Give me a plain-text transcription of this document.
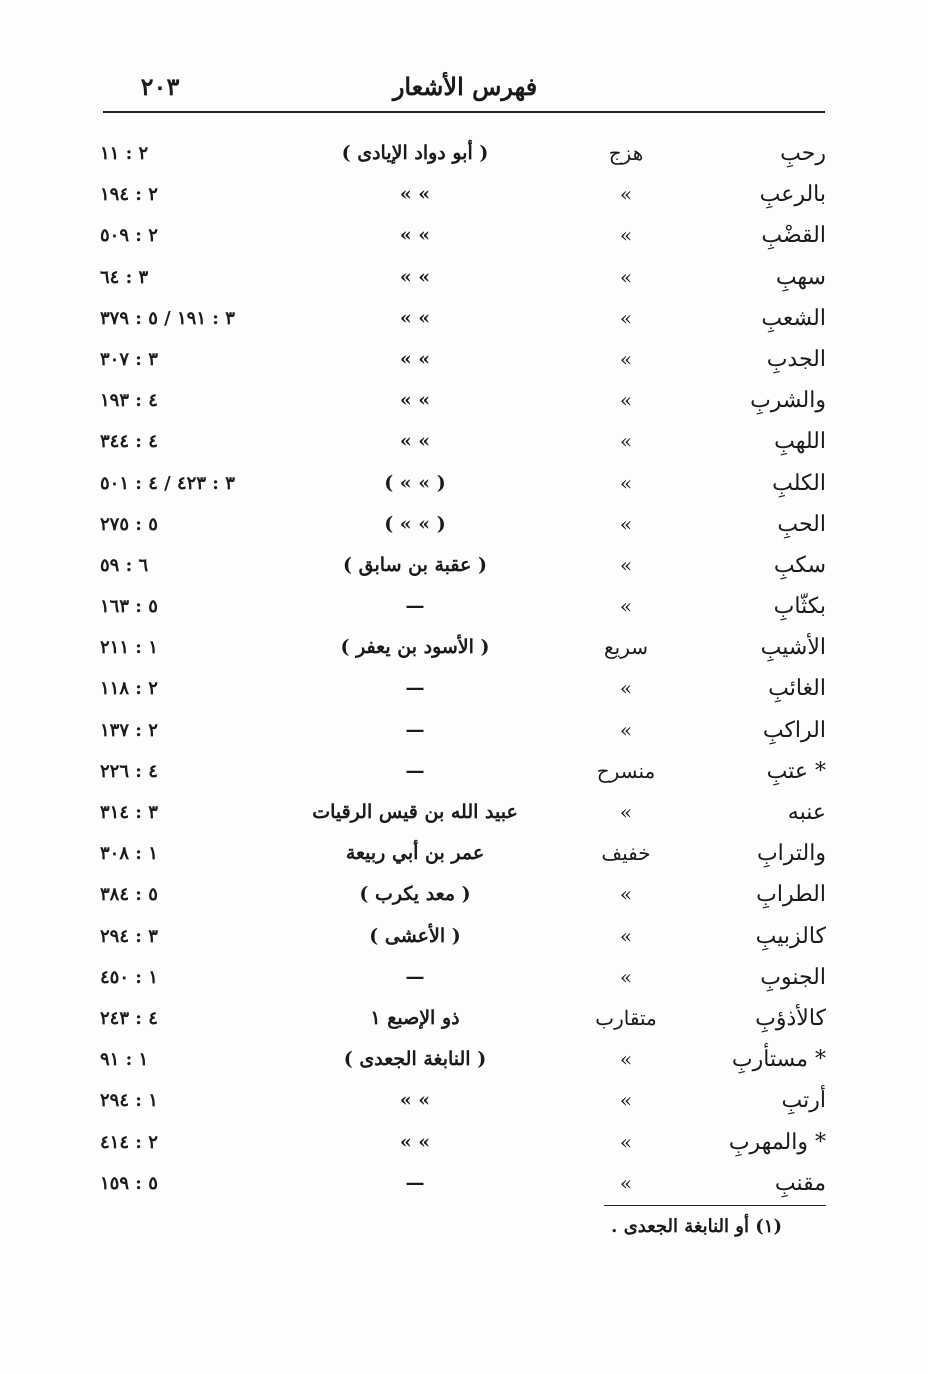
٢٠٣	فهرس الأشعار
رحبِ
هزج
( أبو دواد الإيادى )
٢ : ١١
بالرعبِ
»
» »
٢ : ١٩٤
القضْبِ
»
» »
٢ : ٥٠٩
سهبِ
»
» »
٣ : ٦٤
الشعبِ
»
» »
٣ : ١٩١ / ٥ : ٣٧٩
الجدبِ
»
» »
٣ : ٣٠٧
والشربِ
»
» »
٤ : ١٩٣
اللهبِ
»
» »
٤ : ٣٤٤
الكلبِ
»
( » » )
٣ : ٤٢٣ / ٤ : ٥٠١
الحبِ
»
( » » )
٥ : ٢٧٥
سكبِ
»
( عقبة بن سابق )
٦ : ٥٩
بكثّابِ
»
—
٥ : ١٦٣
الأشيبِ
سريع
( الأسود بن يعفر )
١ : ٢١١
الغائبِ
»
—
٢ : ١١٨
الراكبِ
»
—
٢ : ١٣٧
* عتبِ
منسرح
—
٤ : ٢٢٦
عنبه
»
عبيد الله بن قيس الرقيات
٣ : ٣١٤
والترابِ
خفيف
عمر بن أبي ربيعة
١ : ٣٠٨
الطرابِ
»
( معد يكرب )
٥ : ٣٨٤
كالزبيبِ
»
( الأعشى )
٣ : ٢٩٤
الجنوبِ
»
—
١ : ٤٥٠
كالأذؤبِ
متقارب
ذو الإصبع ١
٤ : ٢٤٣
* مستأربِ
»
( النابغة الجعدى )
١ : ٩١
أرتبِ
»
» »
١ : ٢٩٤
* والمهربِ
»
» »
٢ : ٤١٤
مقنبِ
»
—
٥ : ١٥٩
(١) أو النابغة الجعدى .
